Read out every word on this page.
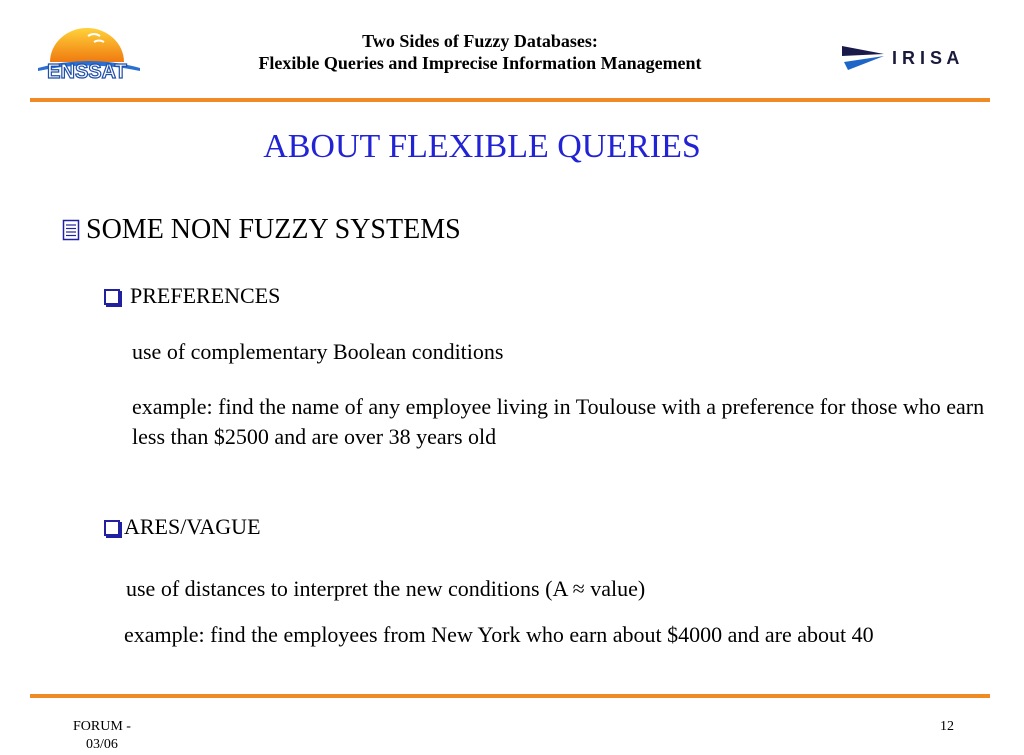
ENSSAT
Two Sides of Fuzzy Databases:
Flexible Queries and Imprecise Information Management	I R I S A
ABOUT FLEXIBLE QUERIES
SOME NON FUZZY SYSTEMS
PREFERENCES
use of complementary Boolean conditions
example: find the name of any employee living in Toulouse with a preference for those who earn less than $2500 and are over 38 years old
ARES/VAGUE
use of distances to interpret the new conditions (A ≈ value)
example: find the employees from New York who earn about $4000 and are about 40
FORUM - 03/06
12
